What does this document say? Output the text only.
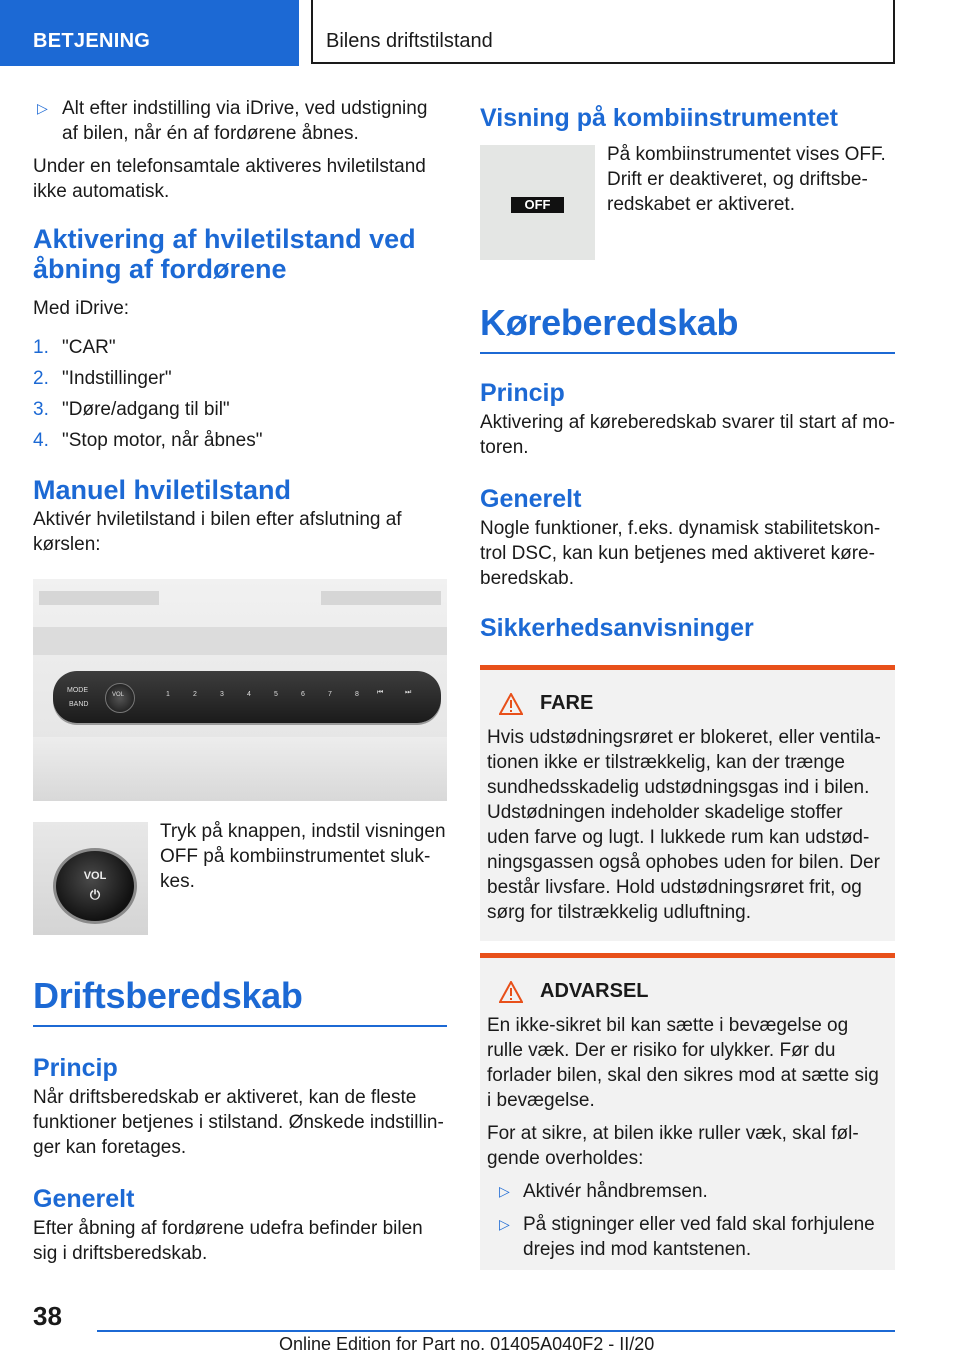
BETJENING	Bilens driftstilstand
▷ Alt efter indstilling via iDrive, ved udstigning af bilen, når én af fordørene åbnes.

Under en telefonsamtale aktiveres hviletilstand ikke automatisk.

Aktivering af hviletilstand ved åbning af fordørene

Med iDrive:

1. "CAR"
2. "Indstillinger"
3. "Døre/adgang til bil"
4. "Stop motor, når åbnes"
Manuel hviletilstand

Aktivér hviletilstand i bilen efter afslutning af kørslen:

MODE
BAND
VOL	1	2	3	4	5	6	7	8	⏮	⏭
VOL
⏻

Tryk på knappen, indstil visningen OFF på kombiinstrumentet slukkes.

Driftsberedskab
Princip

Når driftsberedskab er aktiveret, kan de fleste funktioner betjenes i stilstand. Ønskede indstillinger kan foretages.

Generelt

Efter åbning af fordørene udefra befinder bilen sig i driftsberedskab.

Visning på kombiinstrumentet
OFF

På kombiinstrumentet vises OFF. Drift er deaktiveret, og driftsberedskabet er aktiveret.

Køreberedskab
Princip

Aktivering af køreberedskab svarer til start af motoren.

Generelt

Nogle funktioner, f.eks. dynamisk stabilitetskontrol DSC, kan kun betjenes med aktiveret køreberedskab.

Sikkerhedsanvisninger
FARE

Hvis udstødningsrøret er blokeret, eller ventilationen ikke er tilstrækkelig, kan der trænge sundhedsskadelig udstødningsgas ind i bilen. Udstødningen indeholder skadelige stoffer uden farve og lugt. I lukkede rum kan udstødningsgassen også ophobes uden for bilen. Der består livsfare. Hold udstødningsrøret frit, og sørg for tilstrækkelig udluftning.

ADVARSEL

En ikke-sikret bil kan sætte i bevægelse og rulle væk. Der er risiko for ulykker. Før du forlader bilen, skal den sikres mod at sætte sig i bevægelse.

For at sikre, at bilen ikke ruller væk, skal følgende overholdes:

▷ Aktivér håndbremsen.
▷ På stigninger eller ved fald skal forhjulene drejes ind mod kantstenen.
38
Online Edition for Part no. 01405A040F2 - II/20
